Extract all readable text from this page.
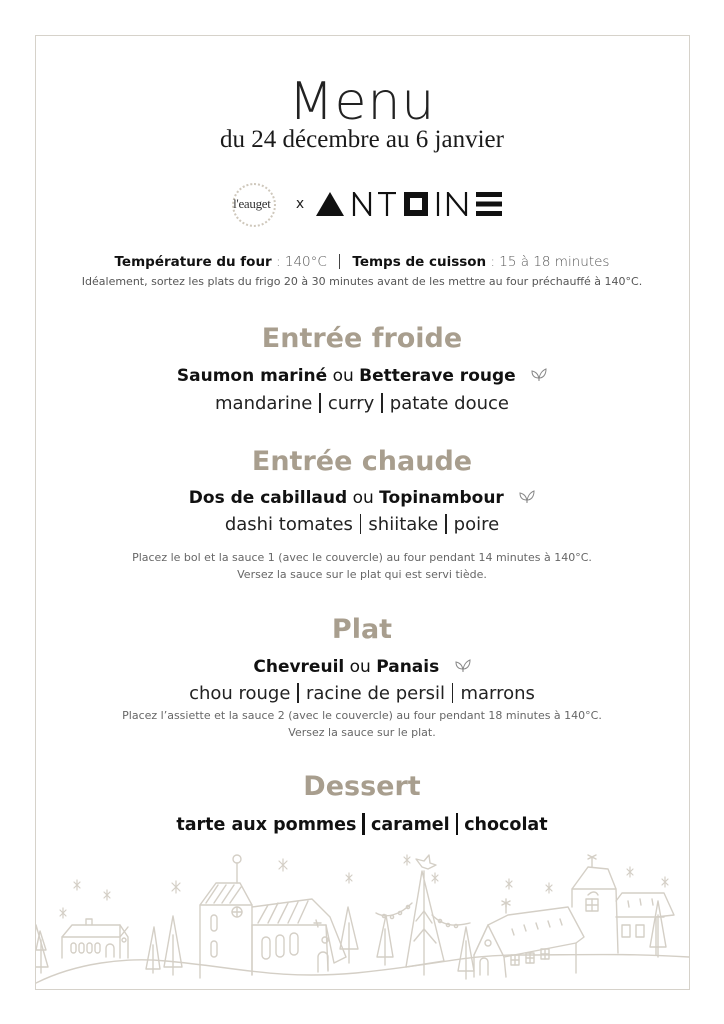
Menu
du 24 décembre au 6 janvier
l'eauget x
Température du four : 140°C Temps de cuisson : 15 à 18 minutes
Idéalement, sortez les plats du frigo 20 à 30 minutes avant de les mettre au four préchauffé à 140°C.
Entrée froide
Saumon mariné ou Betterave rouge
mandarine curry patate douce
Entrée chaude
Dos de cabillaud ou Topinambour
dashi tomates shiitake poire
Placez le bol et la sauce 1 (avec le couvercle) au four pendant 14 minutes à 140°C.
Versez la sauce sur le plat qui est servi tiède.
Plat
Chevreuil ou Panais
chou rouge racine de persil marrons
Placez l’assiette et la sauce 2 (avec le couvercle) au four pendant 18 minutes à 140°C.
Versez la sauce sur le plat.
Dessert
tarte aux pommes caramel chocolat
